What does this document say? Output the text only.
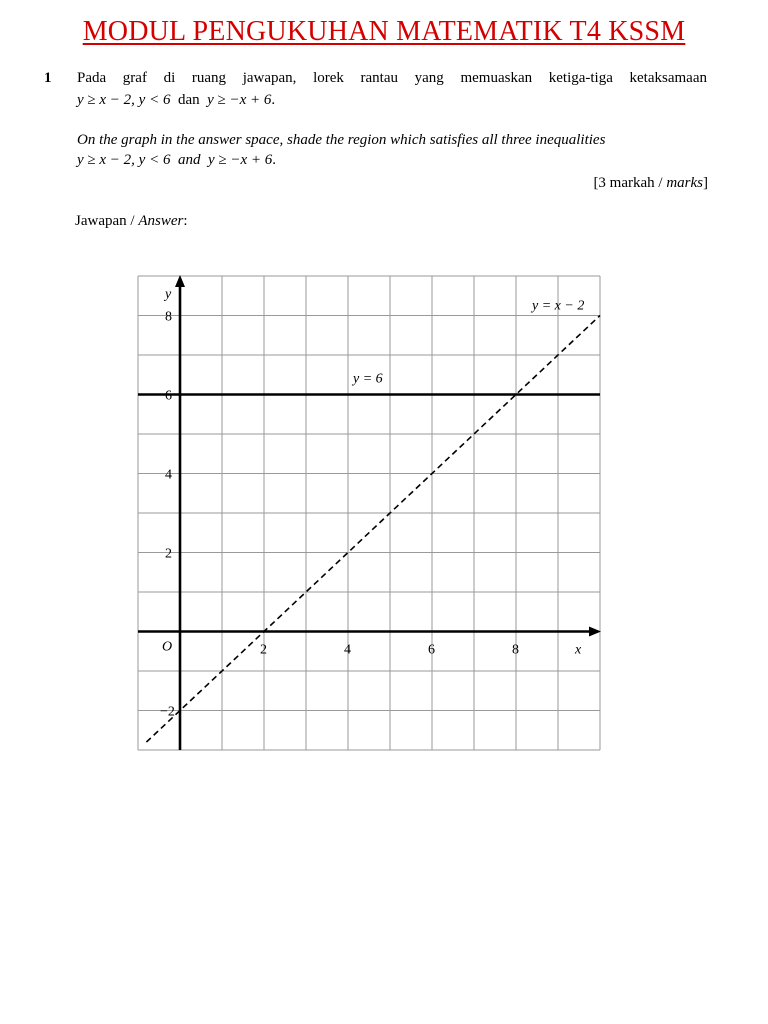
MODUL PENGUKUHAN MATEMATIK T4 KSSM
1 Pada graf di ruang jawapan, lorek rantau yang memuaskan ketiga-tiga ketaksamaan
y ≥ x − 2, y < 6 dan y ≥ −x + 6.
On the graph in the answer space, shade the region which satisfies all three inequalities
y ≥ x − 2, y < 6 and y ≥ −x + 6.
[3 markah / marks]
Jawapan / Answer:
2	4	6	8
8
6
4
2
−2
x
y
O
y = 6
y = x − 2
